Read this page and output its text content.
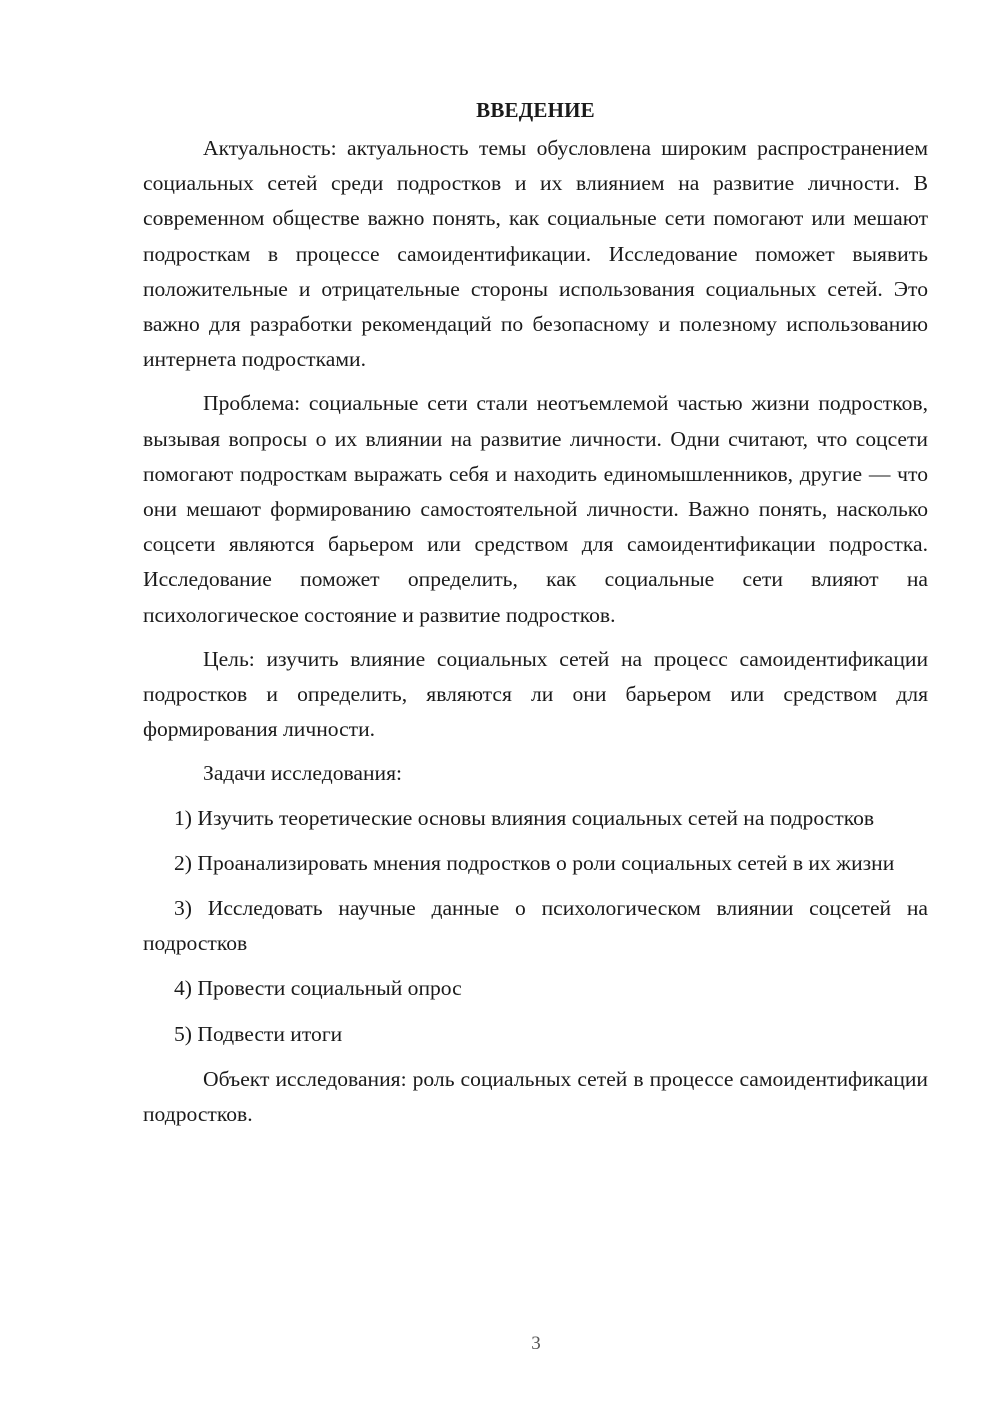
ВВЕДЕНИЕ

Актуальность: актуальность темы обусловлена широким распространением социальных сетей среди подростков и их влиянием на развитие личности. В современном обществе важно понять, как социальные сети помогают или мешают подросткам в процессе самоидентификации. Исследование поможет выявить положительные и отрицательные стороны использования социальных сетей. Это важно для разработки рекомендаций по безопасному и полезному использованию интернета подростками.

Проблема: социальные сети стали неотъемлемой частью жизни подростков, вызывая вопросы о их влиянии на развитие личности. Одни считают, что соцсети помогают подросткам выражать себя и находить единомышленников, другие — что они мешают формированию самостоятельной личности. Важно понять, насколько соцсети являются барьером или средством для самоидентификации подростка. Исследование поможет определить, как социальные сети влияют на психологическое состояние и развитие подростков.

Цель: изучить влияние социальных сетей на процесс самоидентификации подростков и определить, являются ли они барьером или средством для формирования личности.

Задачи исследования:

1) Изучить теоретические основы влияния социальных сетей на подростков

2) Проанализировать мнения подростков о роли социальных сетей в их жизни

3) Исследовать научные данные о психологическом влиянии соцсетей на подростков

4) Провести социальный опрос

5) Подвести итоги

Объект исследования: роль социальных сетей в процессе самоидентификации подростков.

3
